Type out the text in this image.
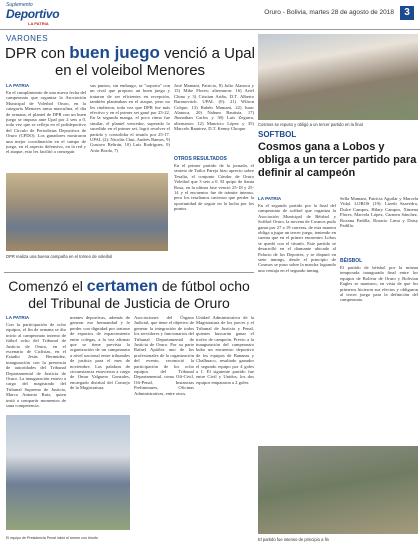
Suplemento
Deportivo
LA PATRIA
Oruro - Bolivia, martes 28 de agosto de 2018	3
VARONES
DPR con buen juego venció a Upal en el voleibol Menores
LA PATRIA

En el cumplimiento de una nueva fecha del campeonato que organiza la Asociación Municipal de Voleibol Oruro, en la categoría Menores rama masculina, el día de semana, el plantel de DPR con un buen juego se impuso ante Upal por 2 sets a 0, toda vez que se refleja en el polideportivo del Círculo de Periodistas Deportivos de Oruro (CPDO). Los ganadores mostraron una mejor coordinación en el campo de juego, en el aspecto defensivo, en la red y el ataque, esto les facilitó a conseguir

sus puntos, sin embargo, se "soporta" con un rival que propuso un buen juego y trataron de ser eficientes en recepción, también planteaban en el ataque, pero no les rindieron, toda vez que DPR fue más efectivo y en el primer set ganó por 25-22. En la segunda manga, el poco ritmo fue similar, el plantel vencedor, superado lo sucedido en el primer set, logró resolver el partido y consolidar el triunfo por 25-17. UPAL (2): Nicolás Chui, Andrés Ramos, 9) Gustavo Beltrán, 10) Luis Rodríguez, 9) Arón Borda, 7)

José Mamani, Patricio, 8) Julio Alanoca y 15) Mike Flores; alternaron: 16) Ariel Chino y 3) Cristian Ariño, D.T. Alberto Baranovitch. UPAL (0): 21) Wilson Colque, 13) Rubén Mamani, 22) Isaac Alanoca, 20) Nahum Bautista, 17) Jhonathan Carlos y 30) Luis Zegarra, alternaron: 12) Mauricio López y 35) Marcelo Ramirez, D.T. Kenny Choque.

OTROS RESULTADOS

En el primer partido de la jornada, el sexteto de Tailor Pareja hizo aprecio sobre Tesalia, el conjunto Cóndor de Oruro Voleibol que 3 sets a 0. El quipo de Santa Rosa, en la ultima fase venció 25-18 y 25-14 y el encuentro fue de trámite intenso, pero los tesalianos tuvieron que perder la oportunidad de seguir en la lucha por los puntos.

DPR realiza una buena campaña en el torneo de voleibol
Cosmos se repuso y obligó a un tercer partido en la final
SOFTBOL
Cosmos gana a Lobos y obliga a un tercer partido para definir al campeón
LA PATRIA

En el segundo partido por la final del campeonato de softbol que organiza la Asociación Municipal de Béisbol y Softbol Oruro, la novena de Cosmos pudo ganar por 27 a 19 carreras, de esta manera obliga a jugar un tercer juego, teniendo en cuenta que en el primer encuentro Lobos se quedó con el triunfo. Este partido se desarrolló en el diamante ubicado al Palacio de los Deportes, y se disputó en siete innings, desde el principio de Cosmos se puso sobre la marcha logrando una ventaja en el segundo inning.

Sella Mamani, Patricia Aguilar y Marcela Vidal. LOBOS (19): Lizeth Saavedra, Dulce Campos, Hilary Campos, Ximena Flores, Marcela López, Carmen Sánchez, Roxana Padilla, Rosario Lima y Daisy Padilla.

BÉISBOL

El partido de béisbol por la misma temporada inaugurada final entre los equipos de Bolívar de Oruro y Bolivian Eagles se mantuvo, en vista de que los primeros hicieron sus efectos y obligaron al tercer juego para la definición del campeonato.

El partido fue intenso de principio a fin
Comenzó el certamen de fútbol ocho del Tribunal de Justicia de Oruro
LA PATRIA

Con la participación de ocho equipos, el fin de semana se dio inicio al campeonato interno de fútbol ocho del Tribunal de Justicia de Oruro, en el escenario de Ciclistas, en el Estadio Jesús Bermúdez, inauguración con la presencia de autoridades del Tribunal Departamental de Justicia de Oruro. La inauguración estuvo a cargo del magistrado del Tribunal Supremo de Justicia, Marco Antonio Ruiz, quien instó a compartir momentos de sana competencia.

mentes deportivas, además de generar ese hermandad y fe perder con dignidad por tratarse de espacios de esparcimiento entre colegas, a la vez afirmar que se tiene prevista la organización de un campeonato a nivel nacional entre tribunales de justicia para el mes de noviembre. Las palabras de circunstancia estuvieron a cargo de Omar Valguero Gonzales, encargado distrital del Consejo de la Magistratura.

Asociaciones del Órgano Judicial, que tiene el objetivo de generar la integración de todos los servidores y funcionarios del Tribunal Departamental de Justicia de Oruro. Por su parte Rafael Apiólez uno de los profesionales de la organización del evento, reconoció la participación de los ocho equipos del Tribunal Departamental, como Ofi-Civil, Ofi-Penal, Instancias Preliminares, Oficinas Administrativas, entre otros.

Unidad Administrativa de la Magistratura de los jueces y el Tribunal de Justicia y Penal, quienes buscarán ganar el trofeo de campeón. Previo a la inauguración del campeonato hubo un encuentro deportivo de los equipos de Bananas y Chalhuaco, resultado ganador el segundo equipo por 4 goles a 1. El siguiente partido fue entre Civil y Unidos, los dos equipos empataron a 2 goles.

El equipo de Presidencia Penal inició el torneo con triunfo
